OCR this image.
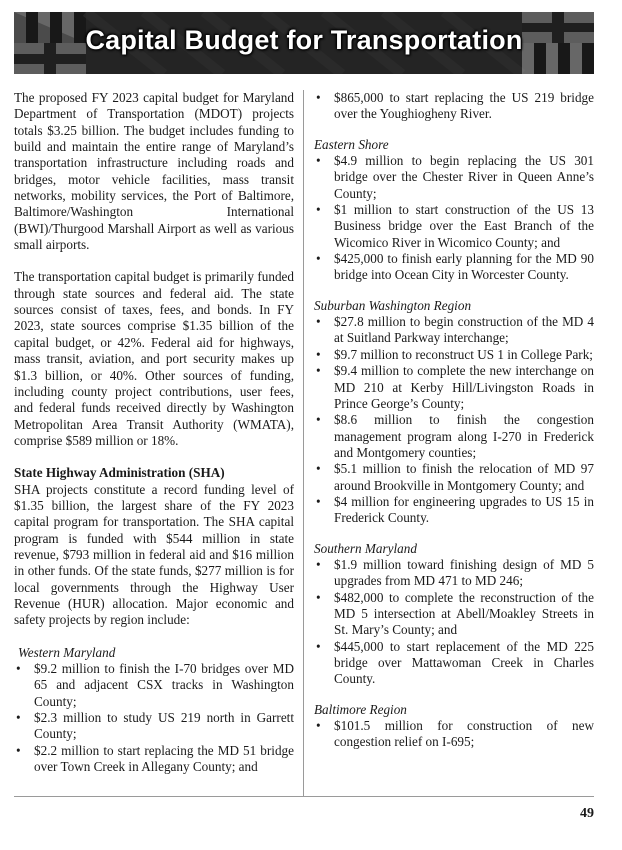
Capital Budget for Transportation

The proposed FY 2023 capital budget for Maryland Department of Transportation (MDOT) projects totals $3.25 billion. The budget includes funding to build and maintain the entire range of Maryland’s transportation infrastructure including roads and bridges, motor vehicle facilities, mass transit networks, mobility services, the Port of Baltimore, Baltimore/Washington International (BWI)/Thurgood Marshall Airport as well as various small airports.

The transportation capital budget is primarily funded through state sources and federal aid. The state sources consist of taxes, fees, and bonds. In FY 2023, state sources comprise $1.35 billion of the capital budget, or 42%. Federal aid for highways, mass transit, aviation, and port security makes up $1.3 billion, or 40%. Other sources of funding, including county project contributions, user fees, and federal funds received directly by Washington Metropolitan Area Transit Authority (WMATA), comprise $589 million or 18%.

State Highway Administration (SHA)

SHA projects constitute a record funding level of $1.35 billion, the largest share of the FY 2023 capital program for transportation. The SHA capital program is funded with $544 million in state revenue, $793 million in federal aid and $16 million in other funds. Of the state funds, $277 million is for local governments through the Highway User Revenue (HUR) allocation. Major economic and safety projects by region include:

Western Maryland
• $9.2 million to finish the I-70 bridges over MD 65 and adjacent CSX tracks in Washington County;
• $2.3 million to study US 219 north in Garrett County;
• $2.2 million to start replacing the MD 51 bridge over Town Creek in Allegany County; and
• $865,000 to start replacing the US 219 bridge over the Youghiogheny River.
Eastern Shore
• $4.9 million to begin replacing the US 301 bridge over the Chester River in Queen Anne’s County;
• $1 million to start construction of the US 13 Business bridge over the East Branch of the Wicomico River in Wicomico County; and
• $425,000 to finish early planning for the MD 90 bridge into Ocean City in Worcester County.
Suburban Washington Region
• $27.8 million to begin construction of the MD 4 at Suitland Parkway interchange;
• $9.7 million to reconstruct US 1 in College Park;
• $9.4 million to complete the new interchange on MD 210 at Kerby Hill/Livingston Roads in Prince George’s County;
• $8.6 million to finish the congestion management program along I-270 in Frederick and Montgomery counties;
• $5.1 million to finish the relocation of MD 97 around Brookville in Montgomery County; and
• $4 million for engineering upgrades to US 15 in Frederick County.
Southern Maryland
• $1.9 million toward finishing design of MD 5 upgrades from MD 471 to MD 246;
• $482,000 to complete the reconstruction of the MD 5 intersection at Abell/Moakley Streets in St. Mary’s County; and
• $445,000 to start replacement of the MD 225 bridge over Mattawoman Creek in Charles County.
Baltimore Region
• $101.5 million for construction of new congestion relief on I-695;
49
